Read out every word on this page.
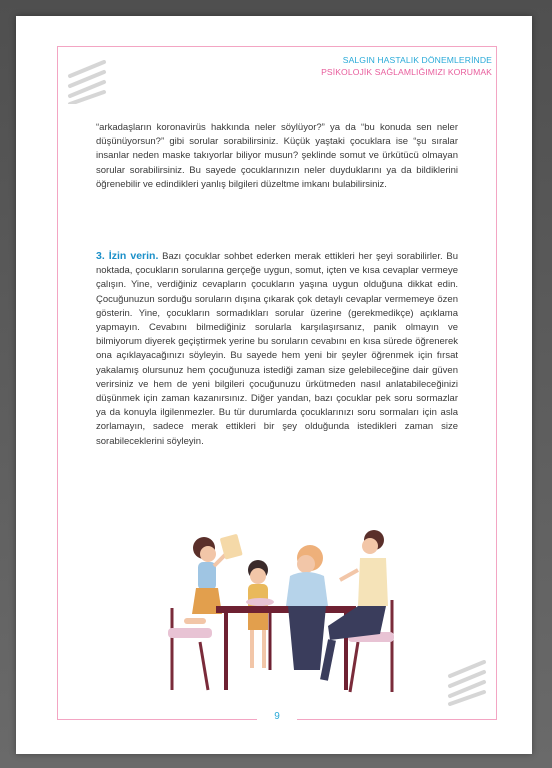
SALGIN HASTALIK DÖNEMLERİNDE
PSİKOLOJİK SAĞLAMLIĞIMIZI KORUMAK
“arkadaşların koronavirüs hakkında neler söylüyor?” ya da “bu konuda sen neler düşünüyorsun?” gibi sorular sorabilirsiniz. Küçük yaştaki çocuklara ise “şu sıralar insanlar neden maske takıyorlar biliyor musun? şeklinde somut ve ürkütücü olmayan sorular sorabilirsiniz. Bu sayede çocuklarınızın neler duyduklarını ya da bildiklerini öğrenebilir ve edindikleri yanlış bilgileri düzeltme imkanı bulabilirsiniz.
3. İzin verin. Bazı çocuklar sohbet ederken merak ettikleri her şeyi sorabilirler. Bu noktada, çocukların sorularına gerçeğe uygun, somut, içten ve kısa cevaplar vermeye çalışın. Yine, verdiğiniz cevapların çocukların yaşına uygun olduğuna dikkat edin. Çocuğunuzun sorduğu soruların dışına çıkarak çok detaylı cevaplar vermemeye özen gösterin. Yine, çocukların sormadıkları sorular üzerine (gerekmedikçe) açıklama yapmayın. Cevabını bilmediğiniz sorularla karşılaşırsanız, panik olmayın ve bilmiyorum diyerek geçiştirmek yerine bu soruların cevabını en kısa sürede öğrenerek ona açıklayacağınızı söyleyin. Bu sayede hem yeni bir şeyler öğrenmek için fırsat yakalamış olursunuz hem çocuğunuza istediği zaman size gelebileceğine dair güven verirsiniz ve hem de yeni bilgileri çocuğunuzu ürkütmeden nasıl anlatabileceğinizi düşünmek için zaman kazanırsınız. Diğer yandan, bazı çocuklar pek soru sormazlar ya da konuyla ilgilenmezler. Bu tür durumlarda çocuklarınızı soru sormaları için asla zorlamayın, sadece merak ettikleri bir şey olduğunda istedikleri zaman size sorabileceklerini söyleyin.
9
